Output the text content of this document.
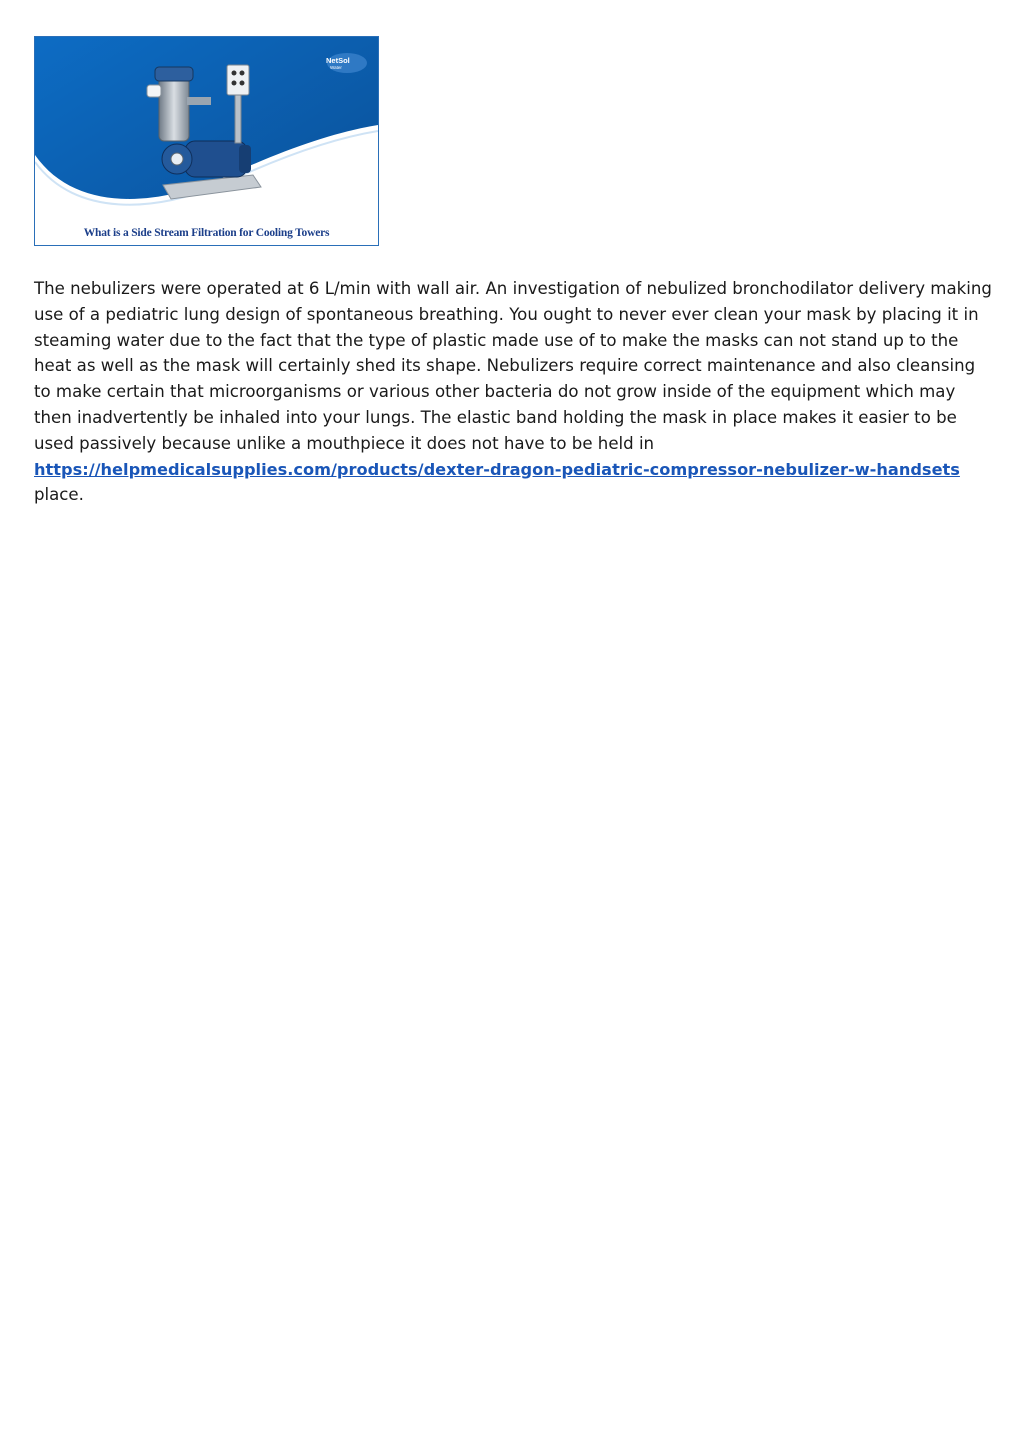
NetSol
Water
What is a Side Stream Filtration for Cooling Towers

The nebulizers were operated at 6 L/min with wall air. An investigation of nebulized bronchodilator delivery making use of a pediatric lung design of spontaneous breathing. You ought to never ever clean your mask by placing it in steaming water due to the fact that the type of plastic made use of to make the masks can not stand up to the heat as well as the mask will certainly shed its shape. Nebulizers require correct maintenance and also cleansing to make certain that microorganisms or various other bacteria do not grow inside of the equipment which may then inadvertently be inhaled into your lungs. The elastic band holding the mask in place makes it easier to be used passively because unlike a mouthpiece it does not have to be held in https://helpmedicalsupplies.com/products/dexter-dragon-pediatric-compressor-nebulizer-w-handsets place.
